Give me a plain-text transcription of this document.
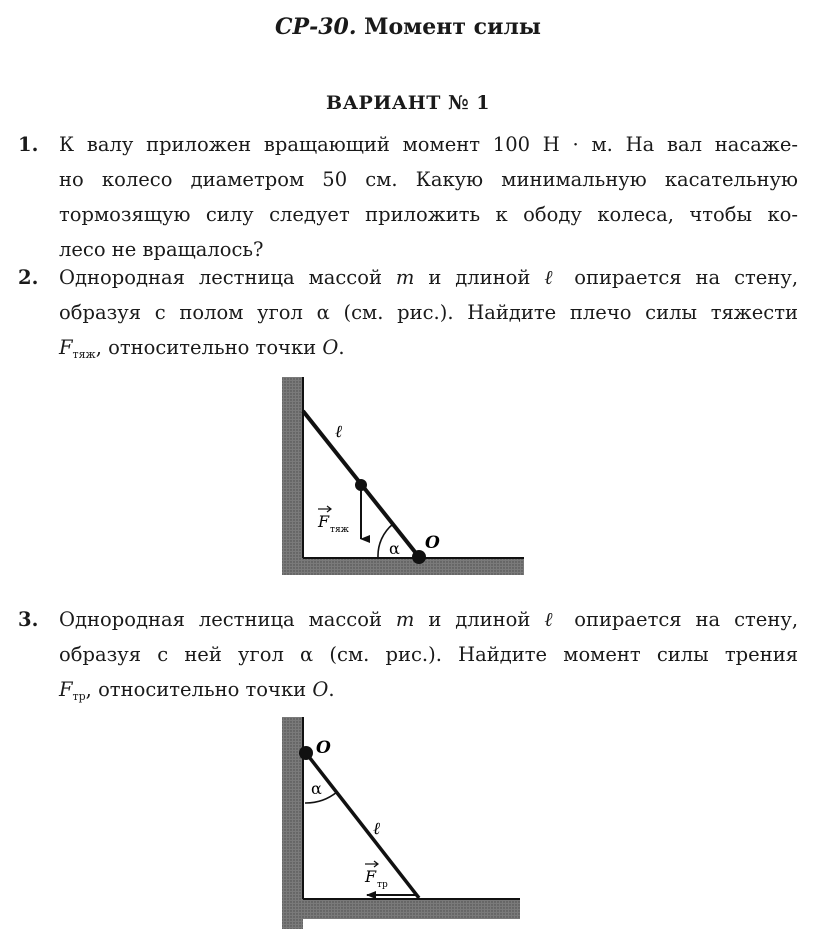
СР-30. Момент силы
ВАРИАНТ № 1
1. К валу приложен вращающий момент 100 Н · м. На вал насаже-
но колесо диаметром 50 см. Какую минимальную касательную
тормозящую силу следует приложить к ободу колеса, чтобы ко-
лесо не вращалось?
2. Однородная лестница массой m и длиной ℓ опирается на стену,
образуя с полом угол α (см. рис.). Найдите плечо силы тяжести
$F_{тяж}$, относительно точки O.
ℓ
F тяж
α O
3. Однородная лестница массой m и длиной ℓ опирается на стену,
образуя с ней угол α (см. рис.). Найдите момент силы трения
$F_{тр}$, относительно точки O.
O
α
ℓ
F тр
